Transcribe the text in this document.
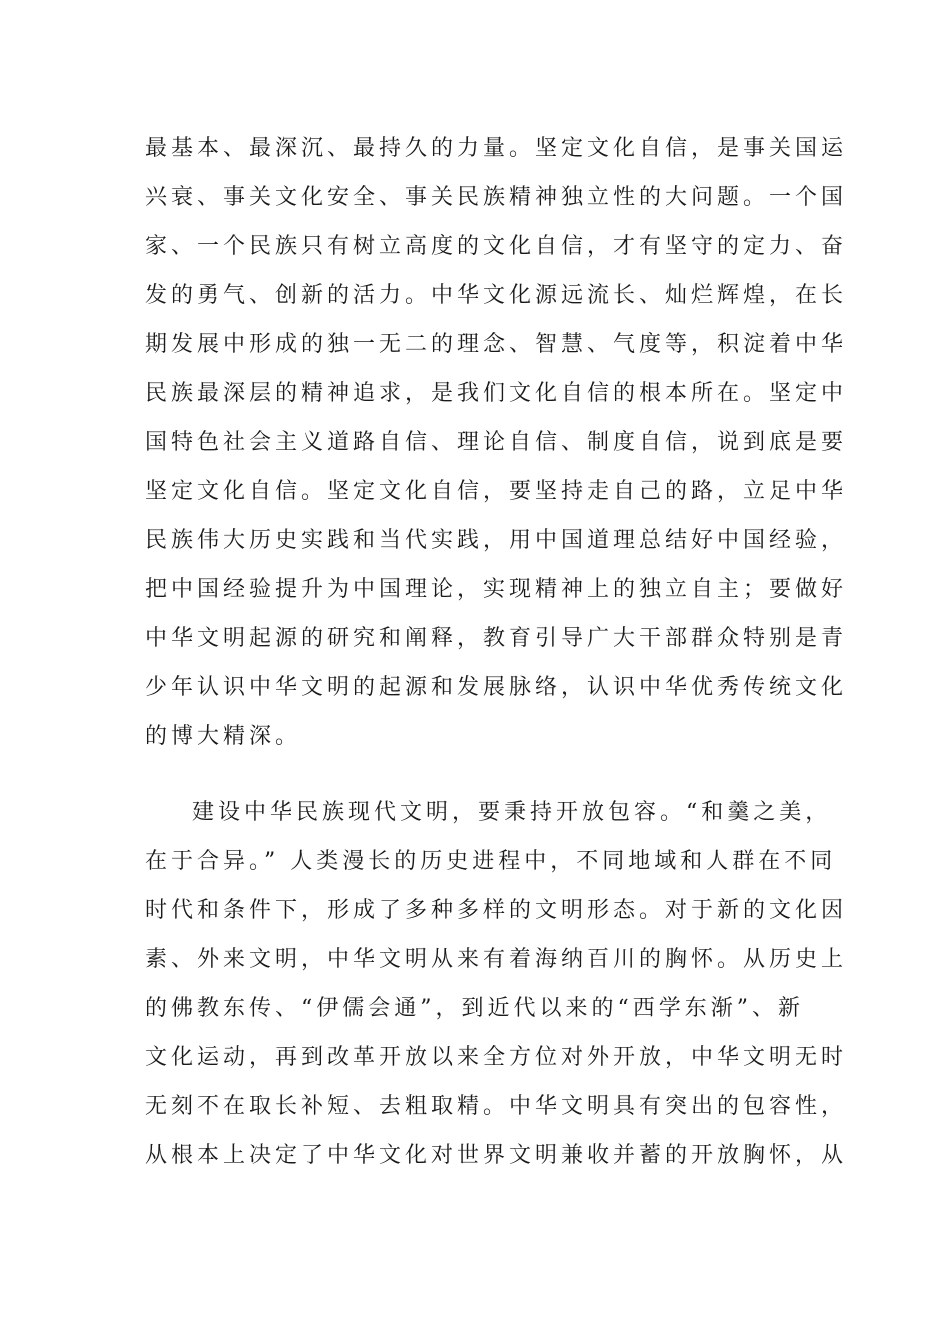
最基本、最深沉、最持久的力量。坚定文化自信，是事关国运
兴衰、事关文化安全、事关民族精神独立性的大问题。一个国
家、一个民族只有树立高度的文化自信，才有坚守的定力、奋
发的勇气、创新的活力。中华文化源远流长、灿烂辉煌，在长
期发展中形成的独一无二的理念、智慧、气度等，积淀着中华
民族最深层的精神追求，是我们文化自信的根本所在。坚定中
国特色社会主义道路自信、理论自信、制度自信，说到底是要
坚定文化自信。坚定文化自信，要坚持走自己的路，立足中华
民族伟大历史实践和当代实践，用中国道理总结好中国经验，
把中国经验提升为中国理论，实现精神上的独立自主；要做好
中华文明起源的研究和阐释，教育引导广大干部群众特别是青
少年认识中华文明的起源和发展脉络，认识中华优秀传统文化
的博大精深。
建设中华民族现代文明，要秉持开放包容。“和羹之美，
在于合异。” 人类漫长的历史进程中，不同地域和人群在不同
时代和条件下，形成了多种多样的文明形态。对于新的文化因
素、外来文明，中华文明从来有着海纳百川的胸怀。从历史上
的佛教东传、“伊儒会通”，到近代以来的“西学东渐”、新
文化运动，再到改革开放以来全方位对外开放，中华文明无时
无刻不在取长补短、去粗取精。中华文明具有突出的包容性，
从根本上决定了中华文化对世界文明兼收并蓄的开放胸怀，从
